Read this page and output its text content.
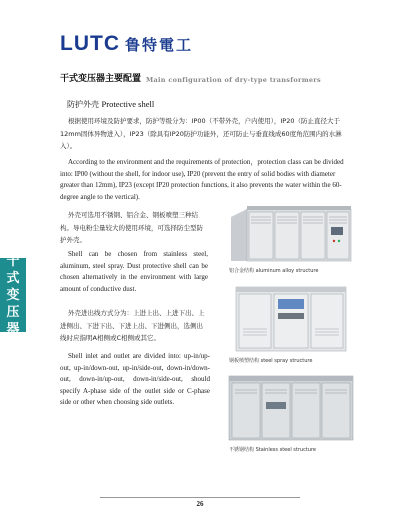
LUTC 鲁特電工
干式变压器主要配置 Main configuration of dry-type transformers
防护外壳 Protective shell
根据使用环境及防护要求，防护等级分为：IP00（不带外壳，户内使用），IP20（防止直径大于12mm固体异物进入），IP23（除具有IP20防护功能外，还可防止与垂直线成60度角范围内的水淋入）。
According to the environment and the requirements of protection，protection class can be divided into: IP00 (without the shell, for indoor use), IP20 (prevent the entry of solid bodies with diameter greater than 12mm), IP23 (except IP20 protection functions, it also prevents the water within the 60-degree angle to the vertical).
外壳可选用不锈钢、铝合金、钢板喷塑三种结构。导电粉尘量较大的使用环境，可选择防尘型防护外壳。
Shell can be chosen from stainless steel, aluminum, steel spray. Dust protective shell can be chosen alternatively in the environment with large amount of conductive dust.
外壳进出线方式分为：上进上出、上进下出、上进侧出、下进下出、下进上出、下进侧出，选侧出线时应指明A相侧或C相侧或其它。
Shell inlet and outlet are divided into: up-in/up-out, up-in/down-out, up-in/side-out, down-in/down-out, down-in/up-out, down-in/side-out, should specify A-phase side of the outlet side or C-phase side or other when choosing side outlets.
干
式
变
压
器
铝合金结构 aluminum alloy structure
钢板喷塑结构 steel spray structure
不锈钢结构 Stainless steel structure
26
